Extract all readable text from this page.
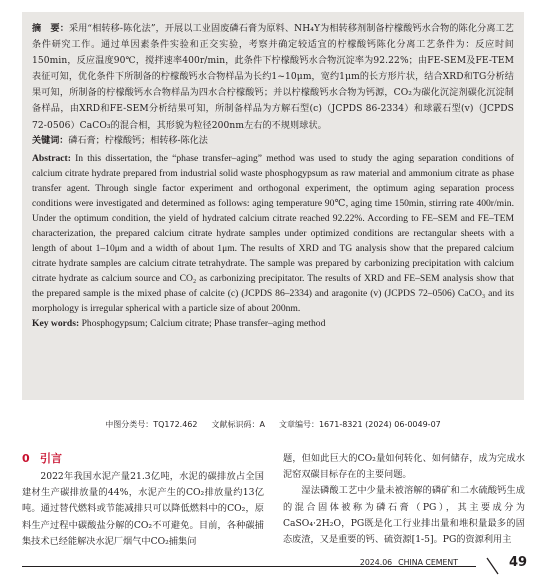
摘　要：采用“相转移-陈化法”，开展以工业固废磷石膏为原料、NH₄Y为相转移剂制备柠檬酸钙水合物的陈化分离工艺条件研究工作。通过单因素条件实验和正交实验，考察并确定较适宜的柠檬酸钙陈化分离工艺条件为：反应时间150min，反应温度90℃，搅拌速率400r/min，此条件下柠檬酸钙水合物沉淀率为92.22%；由FE-SEM及FE-TEM表征可知，优化条件下所制备的柠檬酸钙水合物样品为长约1~10μm，宽约1μm的长方形片状，结合XRD和TG分析结果可知，所制备的柠檬酸钙水合物样品为四水合柠檬酸钙；并以柠檬酸钙水合物为钙源，CO₂为碳化沉淀剂碳化沉淀制备样品，由XRD和FE-SEM分析结果可知，所制备样品为方解石型(c)（JCPDS 86-2334）和球霰石型(v)（JCPDS 72-0506）CaCO₃的混合相，其形貌为粒径200nm左右的不规则球状。

关键词：磷石膏；柠檬酸钙；相转移-陈化法

Abstract: In this dissertation, the “phase transfer–aging” method was used to study the aging separation conditions of calcium citrate hydrate prepared from industrial solid waste phosphogypsum as raw material and ammonium citrate as phase transfer agent. Through single factor experiment and orthogonal experiment, the optimum aging separation process conditions were investigated and determined as follows: aging temperature 90℃, aging time 150min, stirring rate 400r/min. Under the optimum condition, the yield of hydrated calcium citrate reached 92.22%. According to FE–SEM and FE–TEM characterization, the prepared calcium citrate hydrate samples under optimized conditions are rectangular sheets with a length of about 1–10μm and a width of about 1μm. The results of XRD and TG analysis show that the prepared calcium citrate hydrate samples are calcium citrate tetrahydrate. The sample was prepared by carbonizing precipitation with calcium citrate hydrate as calcium source and CO₂ as carbonizing precipitator. The results of XRD and FE–SEM analysis show that the prepared sample is the mixed phase of calcite (c) (JCPDS 86–2334) and aragonite (v) (JCPDS 72–0506) CaCO₃ and its morphology is irregular spherical with a particle size of about 200nm.

Key words: Phosphogypsum; Calcium citrate; Phase transfer–aging method

中图分类号：TQ172.462 文献标识码：A 文章编号：1671-8321 (2024) 06-0049-07
0 引言

2022年我国水泥产量21.3亿吨，水泥的碳排放占全国建材生产碳排放量的44%，水泥产生的CO₂排放量约13亿吨。通过替代燃料或节能减排只可以降低燃料中的CO₂，原料生产过程中碳酸盐分解的CO₂不可避免。目前，各种碳捕集技术已经能解决水泥厂烟气中CO₂捕集问

题，但如此巨大的CO₂量如何转化、如何储存，成为完成水泥窑双碳目标存在的主要问题。

湿法磷酸工艺中少量未被溶解的磷矿和二水硫酸钙生成的混合固体被称为磷石膏（PG），其主要成分为CaSO₄·2H₂O，PG既是化工行业排出量和堆积量最多的固态废渣，又是重要的钙、硫资源[1-5]。PG的资源利用主

2024.06 CHINA CEMENT	49
